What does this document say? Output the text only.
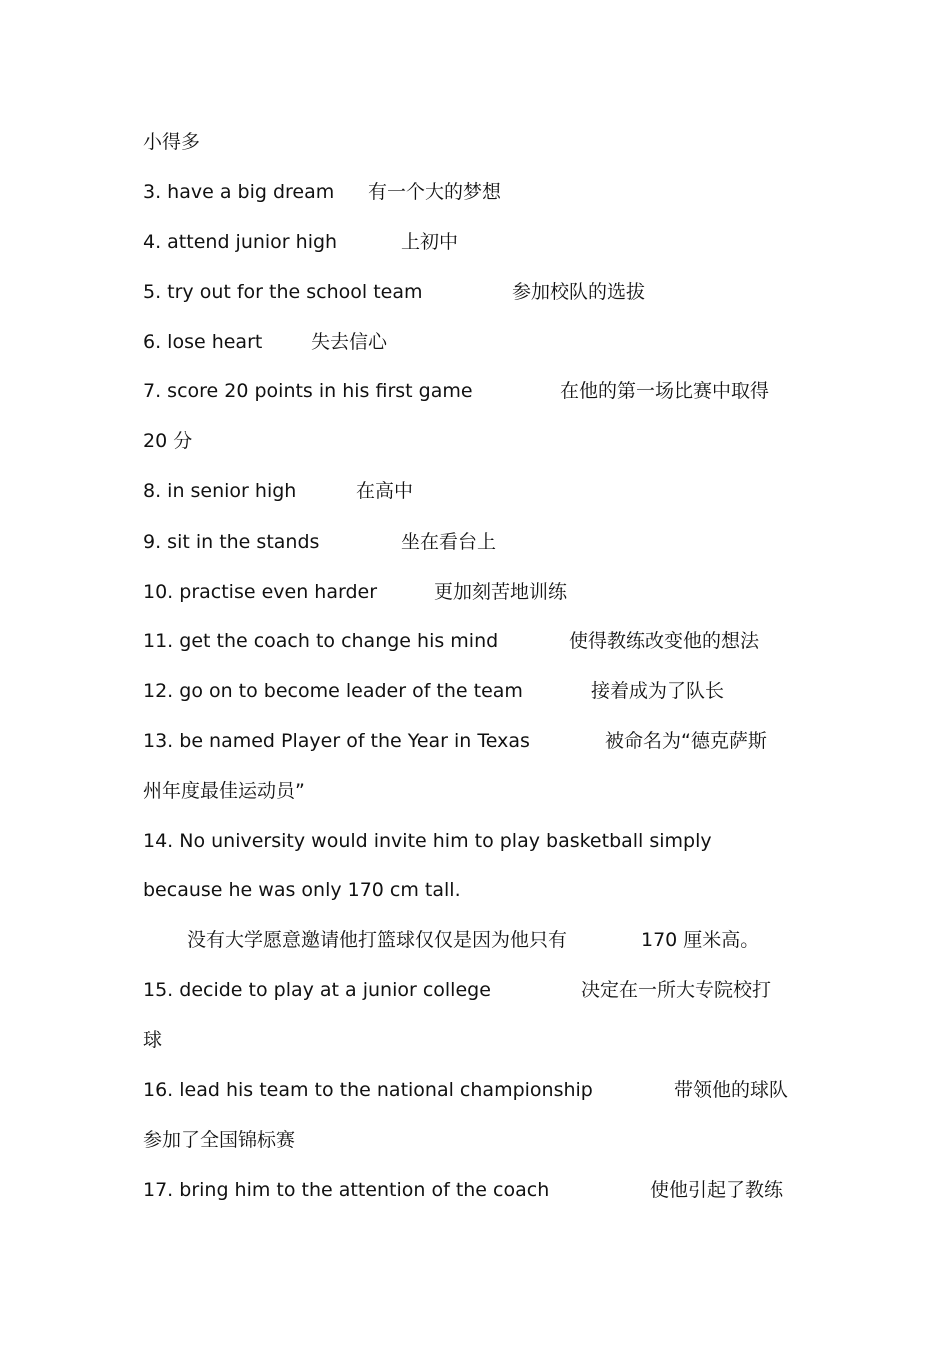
小得多
3. have a big dream 有一个大的梦想
4. attend junior high	上初中
5. try out for the school team	参加校队的选拔
6. lose heart	失去信心
7. score 20 points in his first game	在他的第一场比赛中取得
20 分
8. in senior high	在高中
9. sit in the stands	坐在看台上
10. practise even harder	更加刻苦地训练
11. get the coach to change his mind	使得教练改变他的想法
12. go on to become leader of the team	接着成为了队长
13. be named Player of the Year in Texas	被命名为“德克萨斯
州年度最佳运动员”
14. No university would invite him to play basketball simply
because he was only 170 cm tall.
没有大学愿意邀请他打篮球仅仅是因为他只有	170 厘米高。
15. decide to play at a junior college	决定在一所大专院校打
球
16. lead his team to the national championship	带领他的球队
参加了全国锦标赛
17. bring him to the attention of the coach	使他引起了教练
